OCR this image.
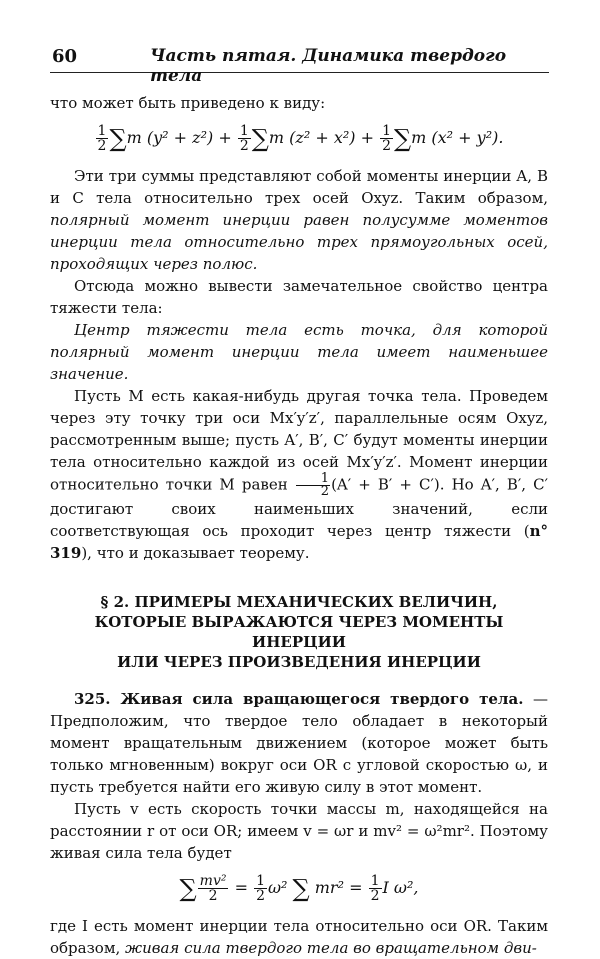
60	Часть пятая. Динамика твердого тела

что может быть приведено к виду:

$\frac{1}{2} \sum m$ $(y^2 + z^2) + \frac{1}{2} \sum m$ $(z^2 + x^2) + \frac{1}{2} \sum m$ (x² + y²).

Эти три суммы представляют собой моменты инерции A, B и C тела относительно трех осей Oxyz. Таким образом, полярный момент инерции равен полусумме моментов инерции тела относительно трех прямоугольных осей, проходящих через полюс.

Отсюда можно вывести замечательное свойство центра тяжести тела:

Центр тяжести тела есть точка, для которой полярный момент инерции тела имеет наименьшее значение.

Пусть M есть какая-нибудь другая точка тела. Проведем через эту точку три оси Mx′y′z′, параллельные осям Oxyz, рассмотренным выше; пусть A′, B′, C′ будут моменты инерции тела относительно каждой из осей Mx′y′z′. Момент инерции относительно точки M равен $\frac{1}{2} (A' + B' + C')$. Но A′, B′, C′ достигают своих наименьших значений, если соответствующая ось проходит через центр тяжести (n° 319), что и доказывает теорему.

§ 2. ПРИМЕРЫ МЕХАНИЧЕСКИХ ВЕЛИЧИН,
КОТОРЫЕ ВЫРАЖАЮТСЯ ЧЕРЕЗ МОМЕНТЫ ИНЕРЦИИ
ИЛИ ЧЕРЕЗ ПРОИЗВЕДЕНИЯ ИНЕРЦИИ

325. Живая сила вращающегося твердого тела. — Предположим, что твердое тело обладает в некоторый момент вращательным движением (которое может быть только мгновенным) вокруг оси OR с угловой скоростью ω, и пусть требуется найти его живую силу в этот момент.

Пусть v есть скорость точки массы m, находящейся на расстоянии r от оси OR; имеем v = ωr и mv² = ω²mr². Поэтому живая сила тела будет

∑ $\frac{\text{mv²}}{2} = \frac{1}{2} \omega^2$ ∑ $mr^2 = \frac{1}{2}$ I ω²,

где I есть момент инерции тела относительно оси OR. Таким образом, живая сила твердого тела во вращательном дви-
